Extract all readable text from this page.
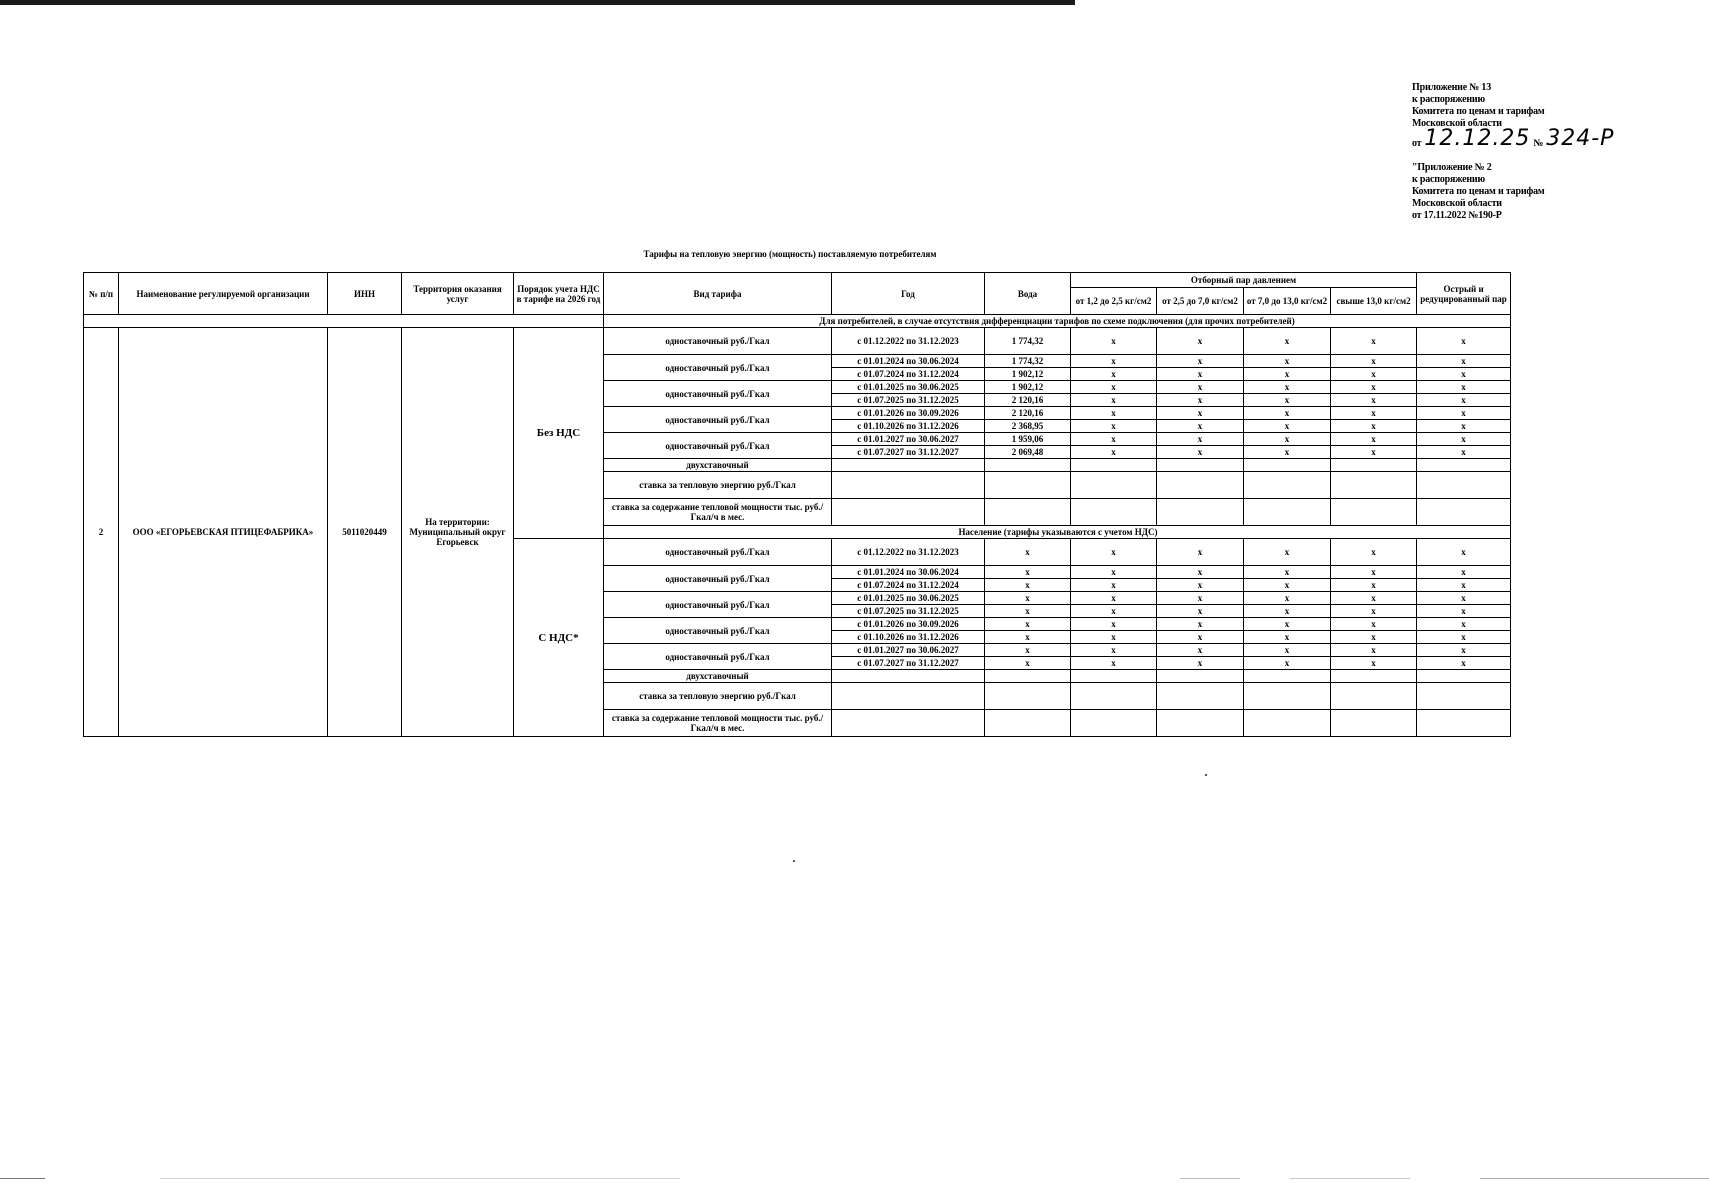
Приложение № 13
к распоряжению
Комитета по ценам и тарифам
Московской области
от 12.12.25 № 324-Р
"Приложение № 2
к распоряжению
Комитета по ценам и тарифам
Московской области
от 17.11.2022 №190-Р
Тарифы на тепловую энергию (мощность) поставляемую потребителям
№ п/п	Наименование регулируемой организации	ИНН	Территория оказания услуг	Порядок учета НДС в тарифе на 2026 год	Вид тарифа	Год	Вода	Отборный пар давлением				Острый и редуцированный пар
								от 1,2 до 2,5 кг/см2	от 2,5 до 7,0 кг/см2	от 7,0 до 13,0 кг/см2	свыше 13,0 кг/см2	
					Для потребителей, в случае отсутствия дифференциации тарифов по схеме подключения (для прочих потребителей)							
2	ООО «ЕГОРЬЕВСКАЯ ПТИЦЕФАБРИКА»	5011020449	На территории: Муниципальный округ Егорьевск	Без НДС	одноставочный руб./Гкал	с 01.12.2022 по 31.12.2023	1 774,32	x	x	x	x	x
					одноставочный руб./Гкал	с 01.01.2024 по 30.06.2024	1 774,32	x	x	x	x	x
						с 01.07.2024 по 31.12.2024	1 902,12	x	x	x	x	x
					одноставочный руб./Гкал	с 01.01.2025 по 30.06.2025	1 902,12	x	x	x	x	x
						с 01.07.2025 по 31.12.2025	2 120,16	x	x	x	x	x
					одноставочный руб./Гкал	с 01.01.2026 по 30.09.2026	2 120,16	x	x	x	x	x
						с 01.10.2026 по 31.12.2026	2 368,95	x	x	x	x	x
					одноставочный руб./Гкал	с 01.01.2027 по 30.06.2027	1 959,06	x	x	x	x	x
						с 01.07.2027 по 31.12.2027	2 069,48	x	x	x	x	x
					двухставочный							
					ставка за тепловую энергию руб./Гкал							
					ставка за содержание тепловой мощности тыс. руб./Гкал/ч в мес.							
					Население (тарифы указываются с учетом НДС)							
				С НДС*	одноставочный руб./Гкал	с 01.12.2022 по 31.12.2023	x	x	x	x	x	x
					одноставочный руб./Гкал	с 01.01.2024 по 30.06.2024	x	x	x	x	x	x
						с 01.07.2024 по 31.12.2024	x	x	x	x	x	x
					одноставочный руб./Гкал	с 01.01.2025 по 30.06.2025	x	x	x	x	x	x
						с 01.07.2025 по 31.12.2025	x	x	x	x	x	x
					одноставочный руб./Гкал	с 01.01.2026 по 30.09.2026	x	x	x	x	x	x
						с 01.10.2026 по 31.12.2026	x	x	x	x	x	x
					одноставочный руб./Гкал	с 01.01.2027 по 30.06.2027	x	x	x	x	x	x
						с 01.07.2027 по 31.12.2027	x	x	x	x	x	x
					двухставочный							
					ставка за тепловую энергию руб./Гкал							
					ставка за содержание тепловой мощности тыс. руб./Гкал/ч в мес.							
